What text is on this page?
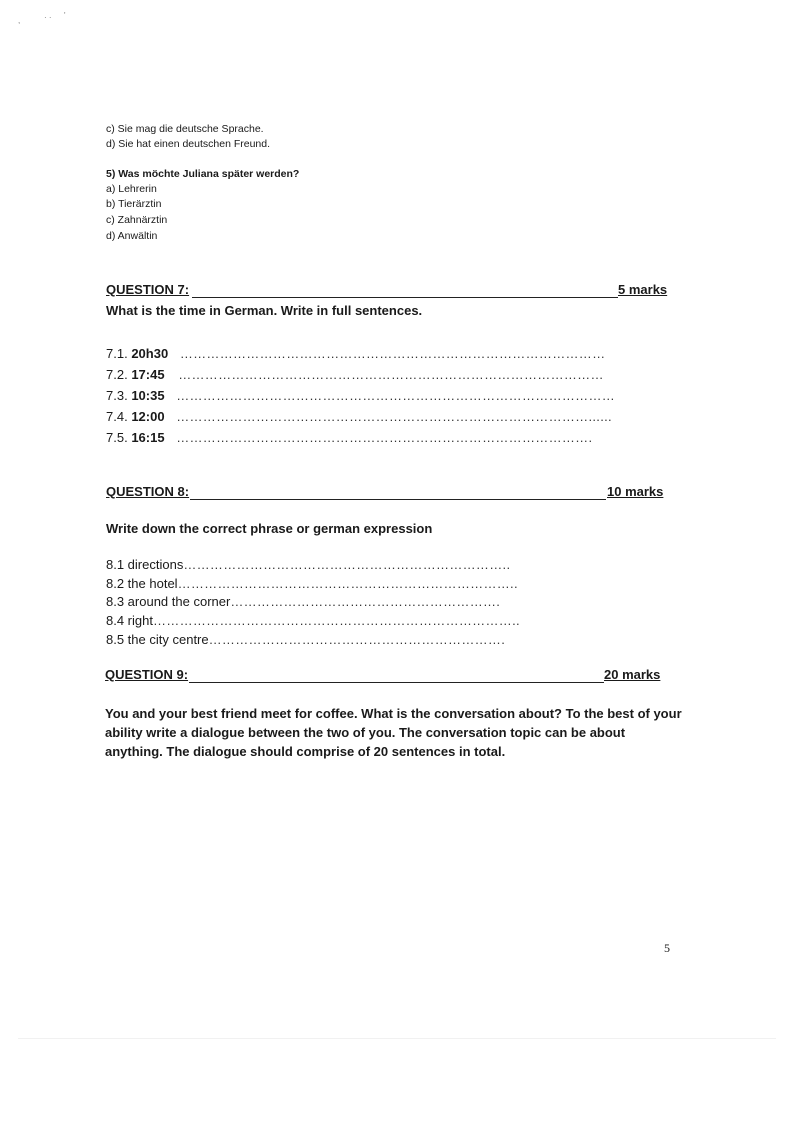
,	· · '
c) Sie mag die deutsche Sprache.
d) Sie hat einen deutschen Freund.
5) Was möchte Juliana später werden?
a) Lehrerin
b) Tierärztin
c) Zahnärztin
d) Anwältin
QUESTION 7:	5 marks
What is the time in German. Write in full sentences.
7.1. 20h30 ……………………………………………………………………………………
7.2. 17:45 ……………………………………………………………………………………
7.3. 10:35 ………………………………………………………………………………………
7.4. 12:00 …………………………………………………………………………………......
7.5. 16:15 ………………………………………………………………………………….
QUESTION 8:	10 marks
Write down the correct phrase or german expression
8.1 directions………………………………………………………………..
8.2 the hotel…………………………………………………………………..
8.3 around the corner…………………………………………………….
8.4 right………………………………………………………………………..
8.5 the city centre………………………………………………………….
QUESTION 9:	20 marks
You and your best friend meet for coffee. What is the conversation about? To the best of your ability write a dialogue between the two of you. The conversation topic can be about anything. The dialogue should comprise of 20 sentences in total.
5
